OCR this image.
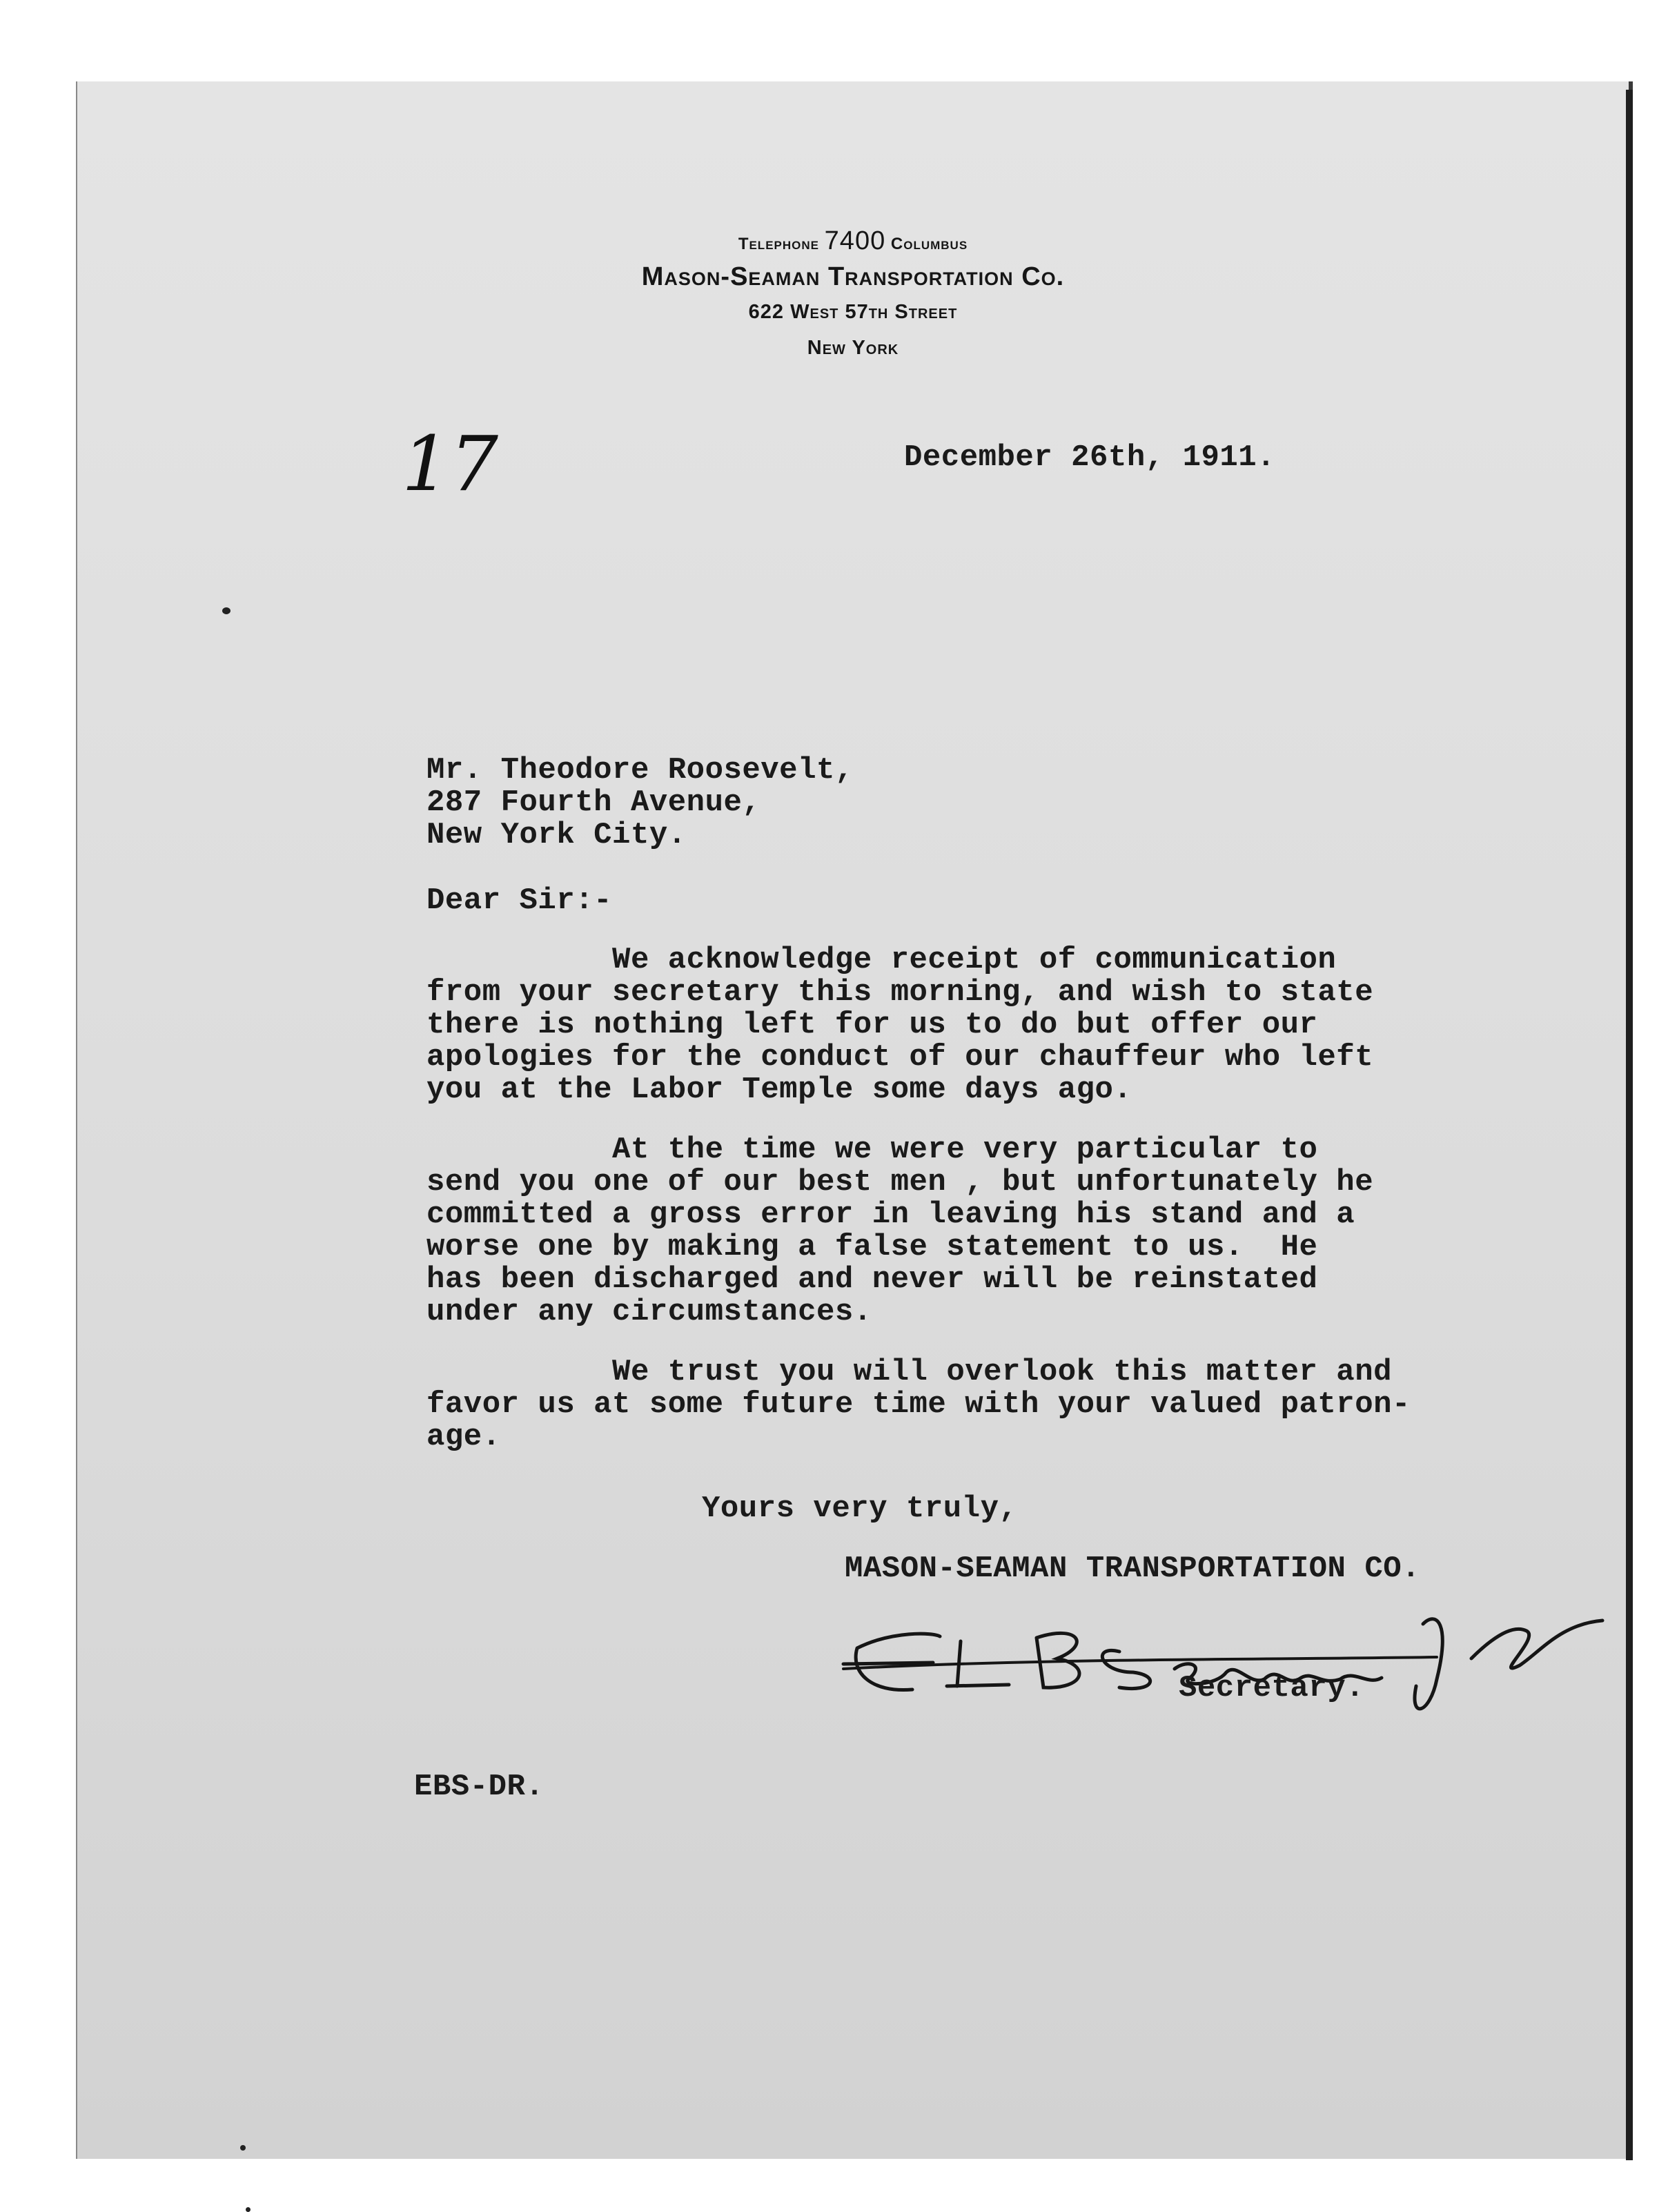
Telephone 7400 Columbus
Mason-Seaman Transportation Co.
622 West 57th Street
New York
17	December 26th, 1911.
Mr. Theodore Roosevelt,
287 Fourth Avenue,
New York City.
Dear Sir:-
We acknowledge receipt of communication
from your secretary this morning, and wish to state
there is nothing left for us to do but offer our
apologies for the conduct of our chauffeur who left
you at the Labor Temple some days ago.
At the time we were very particular to
send you one of our best men , but unfortunately he
committed a gross error in leaving his stand and a
worse one by making a false statement to us.  He
has been discharged and never will be reinstated
under any circumstances.
We trust you will overlook this matter and
favor us at some future time with your valued patron-
age.
Yours very truly,
MASON-SEAMAN TRANSPORTATION CO.
Secretary.
EBS-DR.
